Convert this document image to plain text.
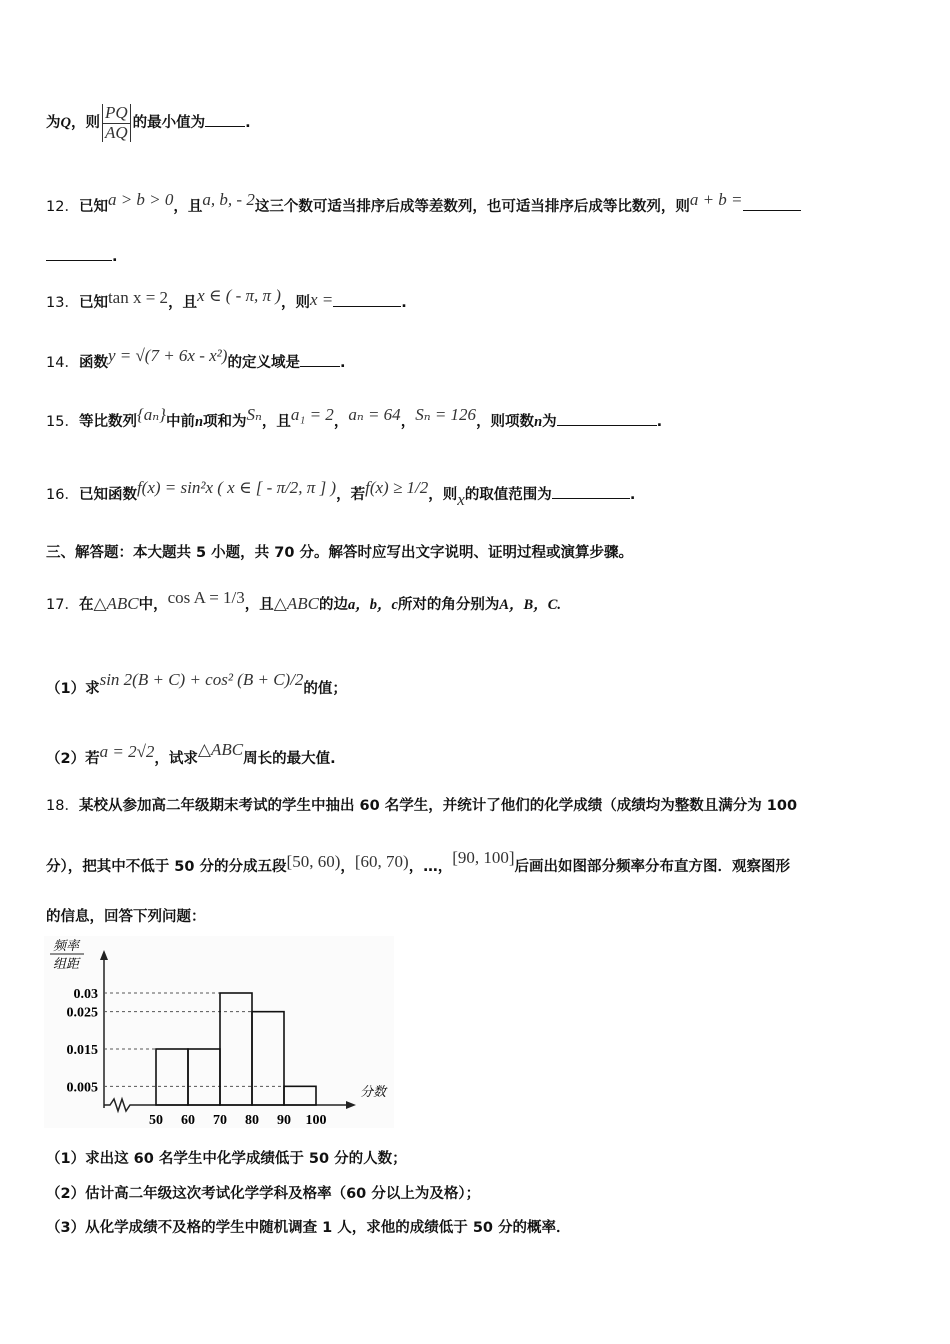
为Q，则 $\frac{PQ}{AQ}$ 的最小值为	.
12．已知a > b > 0，且a, b, - 2这三个数可适当排序后成等差数列，也可适当排序后成等比数列，则a + b =
.
13．已知tan x = 2，且x ∈ ( - π, π )，则x =	.
14．函数y = √(7 + 6x - x²)的定义域是	.
15．等比数列{aₙ}中前n项和为Sₙ，且a₁ = 2，aₙ = 64，Sₙ = 126，则项数n为	.
16．已知函数f(x) = sin²x ( x ∈ [ - π/2, π ] )，若f(x) ≥ 1/2，则x的取值范围为	.
三、解答题：本大题共 5 小题，共 70 分。解答时应写出文字说明、证明过程或演算步骤。
17．在△ABC中，cos A = 1/3，且△ABC的边a，b，c所对的角分别为A，B，C.
（1）求sin 2(B + C) + cos² (B + C)/2的值；
（2）若a = 2√2，试求△ABC周长的最大值.
18．某校从参加高二年级期末考试的学生中抽出 60 名学生，并统计了他们的化学成绩（成绩均为整数且满分为 100
分），把其中不低于 50 分的分成五段[50, 60)，[60, 70)，…，[90, 100]后画出如图部分频率分布直方图．观察图形
的信息，回答下列问题：
频率
组距
分数
0.005
0.015
0.025
0.03
50 60 70 80 90 100
（1）求出这 60 名学生中化学成绩低于 50 分的人数；
（2）估计高二年级这次考试化学学科及格率（60 分以上为及格）；
（3）从化学成绩不及格的学生中随机调查 1 人，求他的成绩低于 50 分的概率．
